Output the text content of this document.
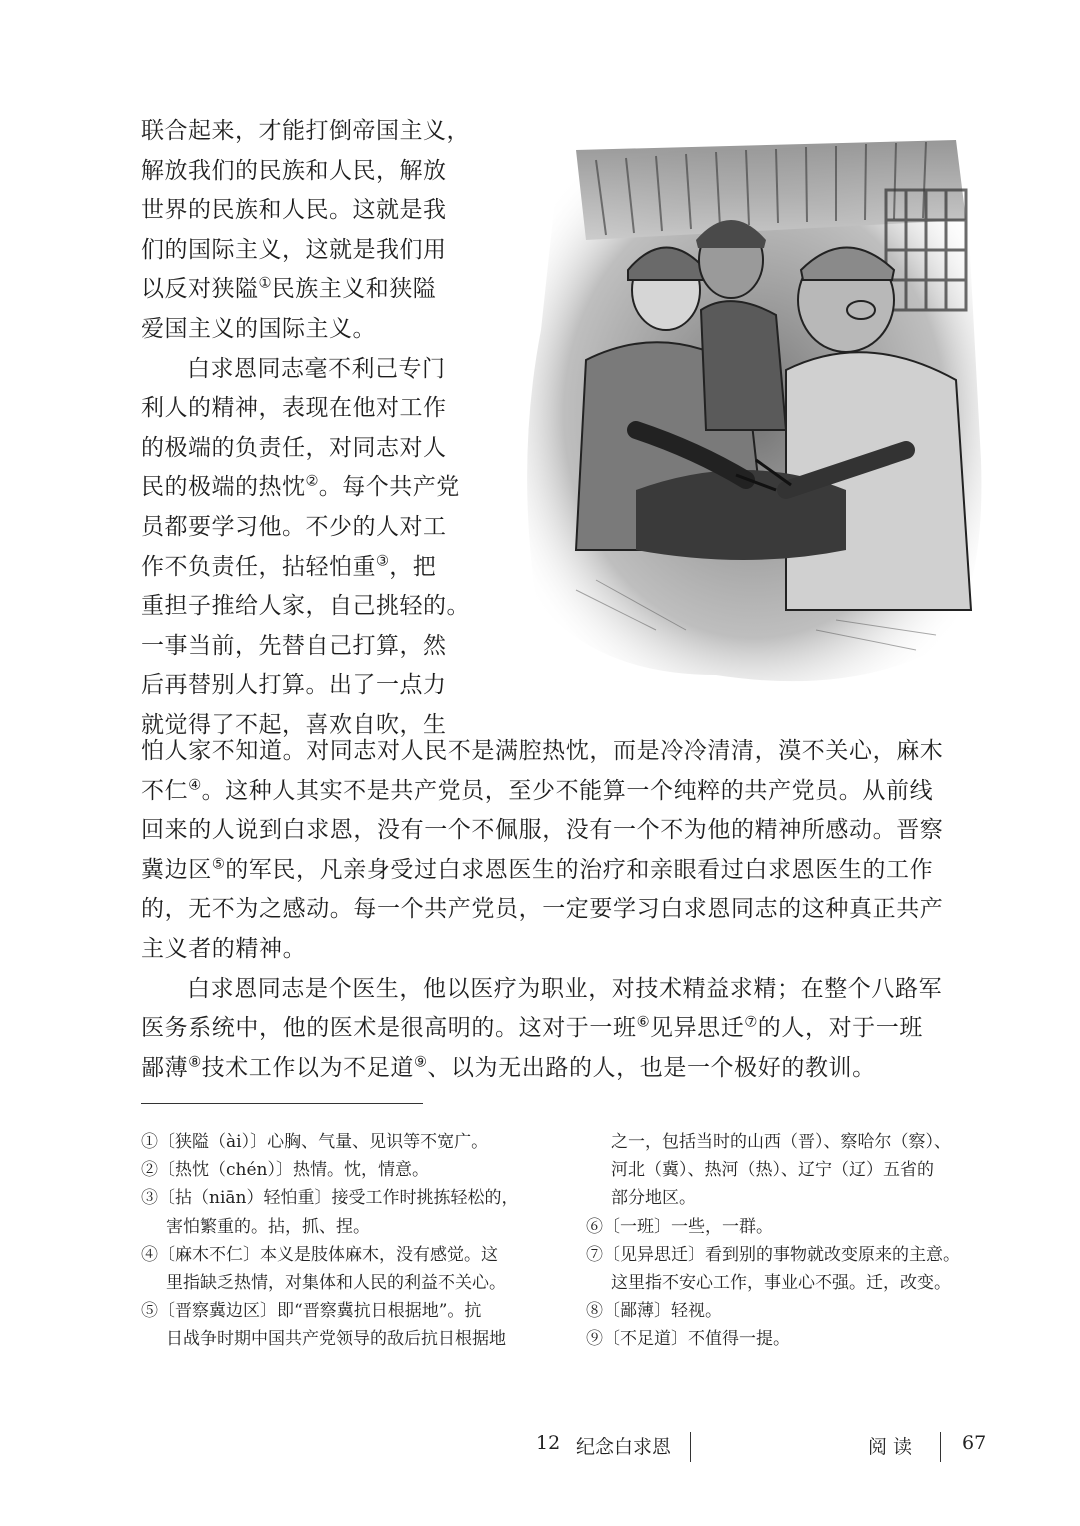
联合起来，才能打倒帝国主义，

解放我们的民族和人民，解放

世界的民族和人民。这就是我

们的国际主义，这就是我们用

以反对狭隘①民族主义和狭隘

爱国主义的国际主义。

白求恩同志毫不利己专门

利人的精神，表现在他对工作

的极端的负责任，对同志对人

民的极端的热忱②。每个共产党

员都要学习他。不少的人对工

作不负责任，拈轻怕重③，把

重担子推给人家，自己挑轻的。

一事当前，先替自己打算，然

后再替别人打算。出了一点力

就觉得了不起，喜欢自吹，生

怕人家不知道。对同志对人民不是满腔热忱，而是冷冷清清，漠不关心，麻木

不仁④。这种人其实不是共产党员，至少不能算一个纯粹的共产党员。从前线

回来的人说到白求恩，没有一个不佩服，没有一个不为他的精神所感动。晋察

冀边区⑤的军民，凡亲身受过白求恩医生的治疗和亲眼看过白求恩医生的工作

的，无不为之感动。每一个共产党员，一定要学习白求恩同志的这种真正共产

主义者的精神。

白求恩同志是个医生，他以医疗为职业，对技术精益求精；在整个八路军

医务系统中，他的医术是很高明的。这对于一班⑥见异思迁⑦的人，对于一班

鄙薄⑧技术工作以为不足道⑨、以为无出路的人，也是一个极好的教训。

①〔狭隘（ài）〕心胸、气量、见识等不宽广。
②〔热忱（chén）〕热情。忱，情意。
③〔拈（niān）轻怕重〕接受工作时挑拣轻松的，
害怕繁重的。拈，抓、捏。
④〔麻木不仁〕本义是肢体麻木，没有感觉。这
里指缺乏热情，对集体和人民的利益不关心。
⑤〔晋察冀边区〕即“晋察冀抗日根据地”。抗
日战争时期中国共产党领导的敌后抗日根据地
之一，包括当时的山西（晋）、察哈尔（察）、
河北（冀）、热河（热）、辽宁（辽）五省的
部分地区。
⑥〔一班〕一些，一群。
⑦〔见异思迁〕看到别的事物就改变原来的主意。
这里指不安心工作，事业心不强。迁，改变。
⑧〔鄙薄〕轻视。
⑨〔不足道〕不值得一提。
12 纪念白求恩	阅 读	67
